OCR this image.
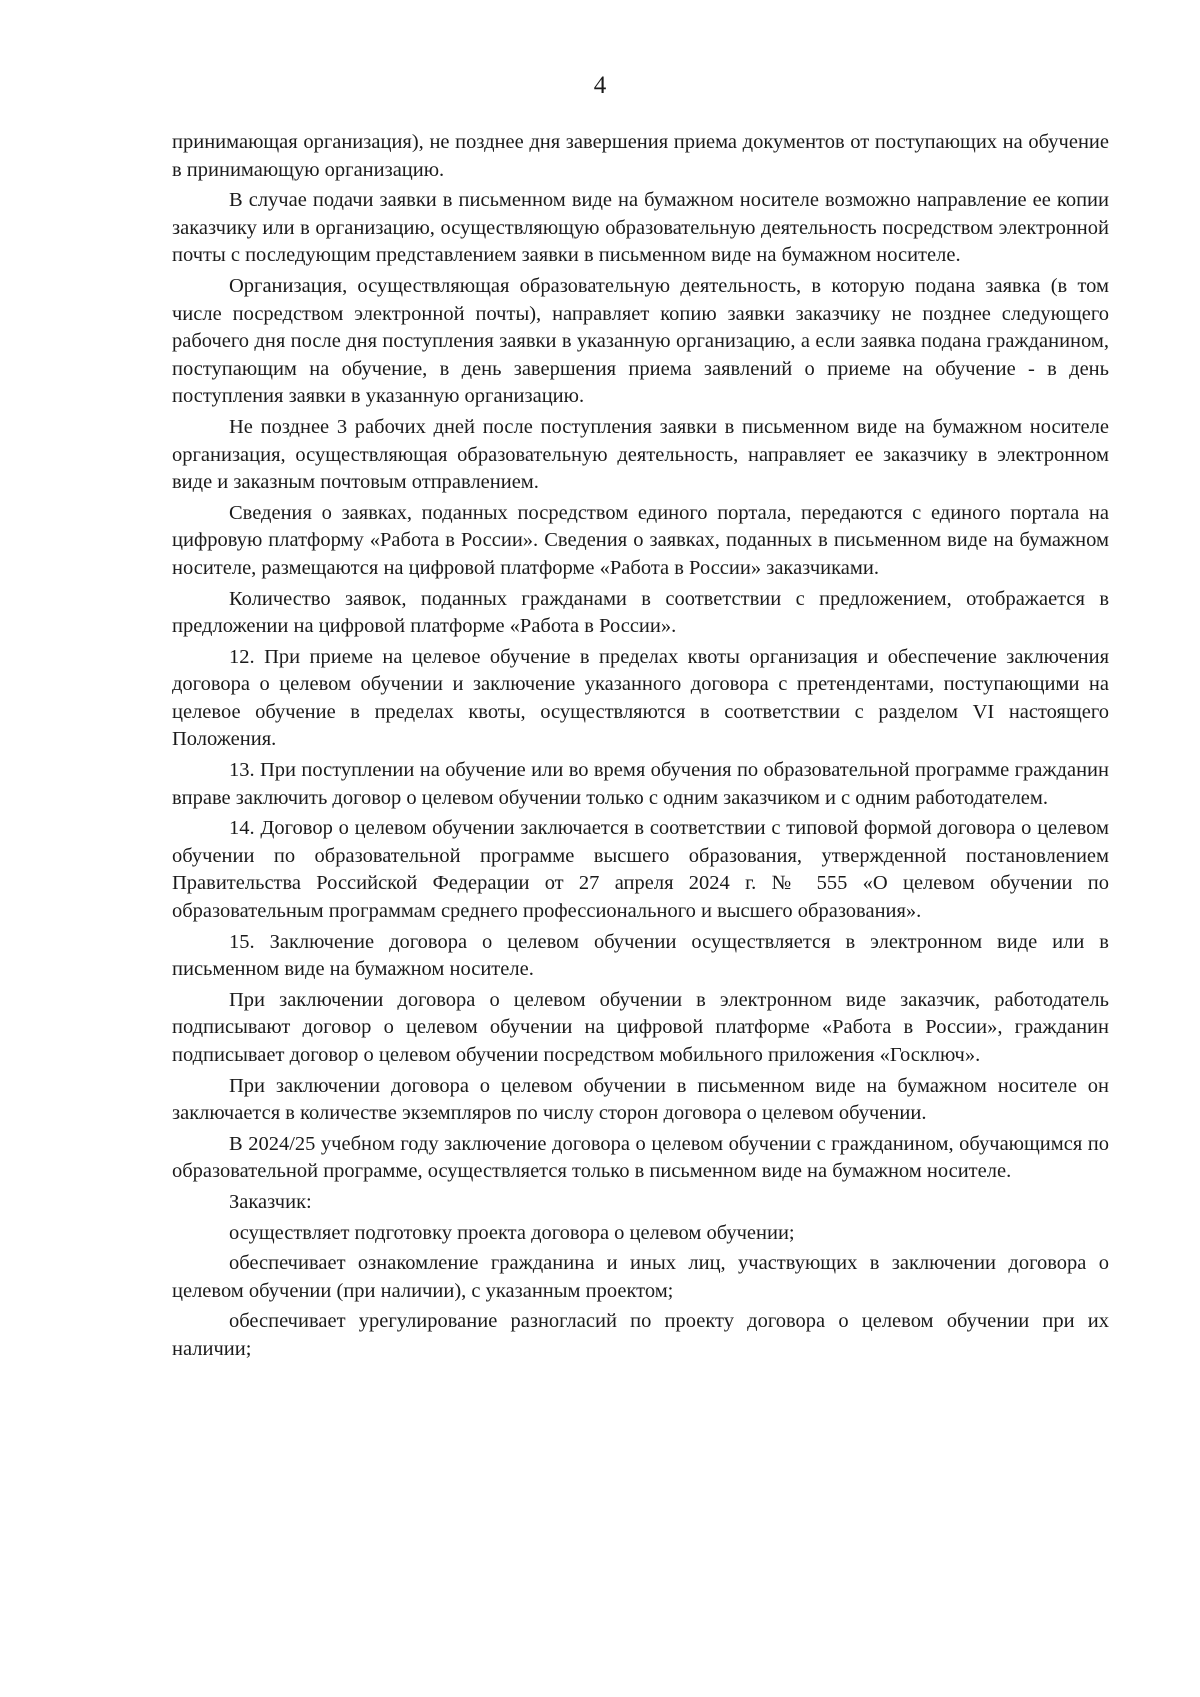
4

принимающая организация), не позднее дня завершения приема документов от поступающих на обучение в принимающую организацию.

В случае подачи заявки в письменном виде на бумажном носителе возможно направление ее копии заказчику или в организацию, осуществляющую образовательную деятельность посредством электронной почты с последующим представлением заявки в письменном виде на бумажном носителе.

Организация, осуществляющая образовательную деятельность, в которую подана заявка (в том числе посредством электронной почты), направляет копию заявки заказчику не позднее следующего рабочего дня после дня поступления заявки в указанную организацию, а если заявка подана гражданином, поступающим на обучение, в день завершения приема заявлений о приеме на обучение - в день поступления заявки в указанную организацию.

Не позднее 3 рабочих дней после поступления заявки в письменном виде на бумажном носителе организация, осуществляющая образовательную деятельность, направляет ее заказчику в электронном виде и заказным почтовым отправлением.

Сведения о заявках, поданных посредством единого портала, передаются с единого портала на цифровую платформу «Работа в России». Сведения о заявках, поданных в письменном виде на бумажном носителе, размещаются на цифровой платформе «Работа в России» заказчиками.

Количество заявок, поданных гражданами в соответствии с предложением, отображается в предложении на цифровой платформе «Работа в России».

12. При приеме на целевое обучение в пределах квоты организация и обеспечение заключения договора о целевом обучении и заключение указанного договора с претендентами, поступающими на целевое обучение в пределах квоты, осуществляются в соответствии с разделом VI настоящего Положения.

13. При поступлении на обучение или во время обучения по образовательной программе гражданин вправе заключить договор о целевом обучении только с одним заказчиком и с одним работодателем.

14. Договор о целевом обучении заключается в соответствии с типовой формой договора о целевом обучении по образовательной программе высшего образования, утвержденной постановлением Правительства Российской Федерации от 27 апреля 2024 г. № 555 «О целевом обучении по образовательным программам среднего профессионального и высшего образования».

15. Заключение договора о целевом обучении осуществляется в электронном виде или в письменном виде на бумажном носителе.

При заключении договора о целевом обучении в электронном виде заказчик, работодатель подписывают договор о целевом обучении на цифровой платформе «Работа в России», гражданин подписывает договор о целевом обучении посредством мобильного приложения «Госключ».

При заключении договора о целевом обучении в письменном виде на бумажном носителе он заключается в количестве экземпляров по числу сторон договора о целевом обучении.

В 2024/25 учебном году заключение договора о целевом обучении с гражданином, обучающимся по образовательной программе, осуществляется только в письменном виде на бумажном носителе.

Заказчик:

осуществляет подготовку проекта договора о целевом обучении;

обеспечивает ознакомление гражданина и иных лиц, участвующих в заключении договора о целевом обучении (при наличии), с указанным проектом;

обеспечивает урегулирование разногласий по проекту договора о целевом обучении при их наличии;
